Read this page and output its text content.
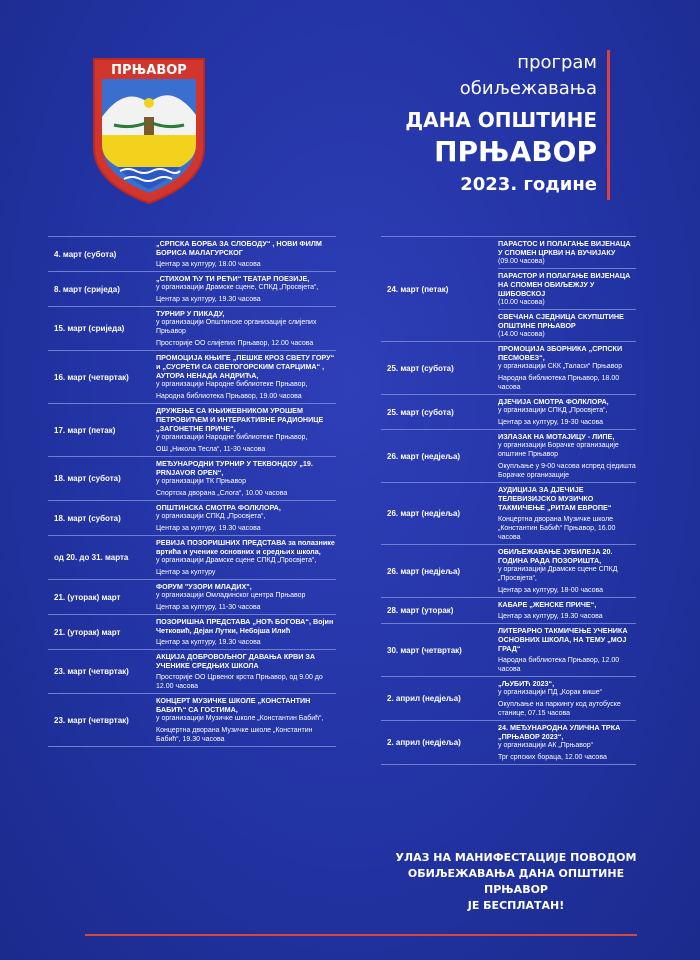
ПРЊАВОР	програм
обиљежавања
ДАНА ОПШТИНЕ
ПРЊАВОР
2023. године
4. март (субота)
„СРПСКА БОРБА ЗА СЛОБОДУ“ , НОВИ ФИЛМ БОРИСА МАЛАГУРСКОГ
Центар за културу, 18.00 часова
8. март (сриједа)
„СТИХОМ ЋУ ТИ РЕЋИ“ ТЕАТАР ПОЕЗИЈЕ,
у организацији Драмске сцене, СПКД „Просвјета“,
Центар за културу, 19.30 часова
15. март (сриједа)
ТУРНИР У ПИКАДУ,
у организацији Општинске организације слијепих Прњавор
Просторије ОО слијепих Прњавор, 12.00 часова
16. март (четвртак)
ПРОМОЦИЈА КЊИГЕ „ПЕШКЕ КРОЗ СВЕТУ ГОРУ“ и „СУСРЕТИ СА СВЕТОГОРСКИМ СТАРЦИМА“ , АУТОРА НЕНАДА АНДРИЋА,
у организацији Народне библиотеке Прњавор,
Народна библиотека Прњавор, 19.00 часова
17. март (петак)
ДРУЖЕЊЕ СА КЊИЖЕВНИКОМ УРОШЕМ ПЕТРОВИЋЕМ И ИНТЕРАКТИВНЕ РАДИОНИЦЕ „ЗАГОНЕТНЕ ПРИЧЕ“,
у организацији Народне библиотеке Прњавор,
ОШ „Никола Тесла“, 11-30 часова
18. март (субота)
МЕЂУНАРОДНИ ТУРНИР У ТЕКВОНДОУ „19. PRNJAVOR OPEN“,
у организацији ТК Прњавор
Спортска дворана „Слога“, 10.00 часова
18. март (субота)
ОПШТИНСКА СМОТРА ФОЛКЛОРА,
у организацији СПКД „Просвјета“,
Центар за културу, 19.30 часова
од 20. до 31. марта
РЕВИЈА ПОЗОРИШНИХ ПРЕДСТАВА за полазнике вртића и ученике основних и средњих школа,
у организацији Драмске сцене СПКД „Просвјета“,
Центар за културу
21. (уторак) март
ФОРУМ "УЗОРИ МЛАДИХ",
у организацији Омладинског центра Прњавор
Центар за културу, 11-30 часова
21. (уторак) март
ПОЗОРИШНА ПРЕДСТАВА „НОЋ БОГОВА“, Војин Четковић, Дејан Лутки, Небојша Илић
Центар за културу, 19.30 часова
23. март (четвртак)
АКЦИЈА ДОБРОВОЉНОГ ДАВАЊА КРВИ ЗА УЧЕНИКЕ СРЕДЊИХ ШКОЛА
Просторије ОО Црвеног крста Прњавор, од 9.00 до 12.00 часова
23. март (четвртак)
КОНЦЕРТ МУЗИЧКЕ ШКОЛЕ „КОНСТАНТИН БАБИЋ“ СА ГОСТИМА,
у организацији Музичке школе „Константин Бабић“,
Концертна дворана Музичке школе „Константин Бабић“, 19.30 часова
24. март (петак)
ПАРАСТОС И ПОЛАГАЊЕ ВИЈЕНАЦА У СПОМЕН ЦРКВИ НА ВУЧИЈАКУ
(09.00 часова)
ПАРАСТОР И ПОЛАГАЊЕ ВИЈЕНАЦА НА СПОМЕН ОБИЉЕЖЈУ У ШИБОВСКОЈ
(10.00 часова)
СВЕЧАНА СЈЕДНИЦА СКУПШТИНЕ ОПШТИНЕ ПРЊАВОР
(14.00 часова)
25. март (субота)
ПРОМОЦИЈА ЗБОРНИКА „СРПСКИ ПЕСМОВЕЗ“,
у организацији СКК „Таласи“ Прњавор
Народна библиотека Прњавор, 18.00 часова
25. март (субота)
ДЈЕЧИЈА СМОТРА ФОЛКЛОРА,
у организацији СПКД „Просвјета“,
Центар за културу, 19-30 часова
26. март (недјеља)
ИЗЛАЗАК НА МОТАЈИЦУ - ЛИПЕ,
у организацији Борачке организације општине Прњавор
Окупљање у 9-00 часова испред сједишта Борачке организације
26. март (недјеља)
АУДИЦИЈА ЗА ДЈЕЧИЈЕ ТЕЛЕВИЗИЈСКО МУЗИЧКО ТАКМИЧЕЊЕ „РИТАМ ЕВРОПЕ“
Концертна дворана Музичке школе „Константин Бабић“ Прњавор, 16.00 часова
26. март (недјеља)
ОБИЉЕЖАВАЊЕ ЈУБИЛЕЈА 20. ГОДИНА РАДА ПОЗОРИШТА,
у организацији Драмске сцене СПКД „Просвјета“,
Центар за културу, 18-00 часова
28. март (уторак)
КАБАРЕ „ЖЕНСКЕ ПРИЧЕ“,
Центар за културу, 19.30 часова
30. март (четвртак)
ЛИТЕРАРНО ТАКМИЧЕЊЕ УЧЕНИКА ОСНОВНИХ ШКОЛА, НА ТЕМУ „МОЈ ГРАД“
Народна библиотека Прњавор, 12.00 часова
2. април (недјеља)
„ЉУБИЋ 2023“,
у организацији ПД „Корак више“
Окупљање на паркингу код аутобуске станице, 07.15 часова
2. април (недјеља)
24. МЕЂУНАРОДНА УЛИЧНА ТРКА „ПРЊАВОР 2023“,
у организацији АК „Прњавор“
Трг српских бораца, 12.00 часова
УЛАЗ НА МАНИФЕСТАЦИЈЕ ПОВОДОМ
ОБИЉЕЖАВАЊА ДАНА ОПШТИНЕ ПРЊАВОР
ЈЕ БЕСПЛАТАН!
